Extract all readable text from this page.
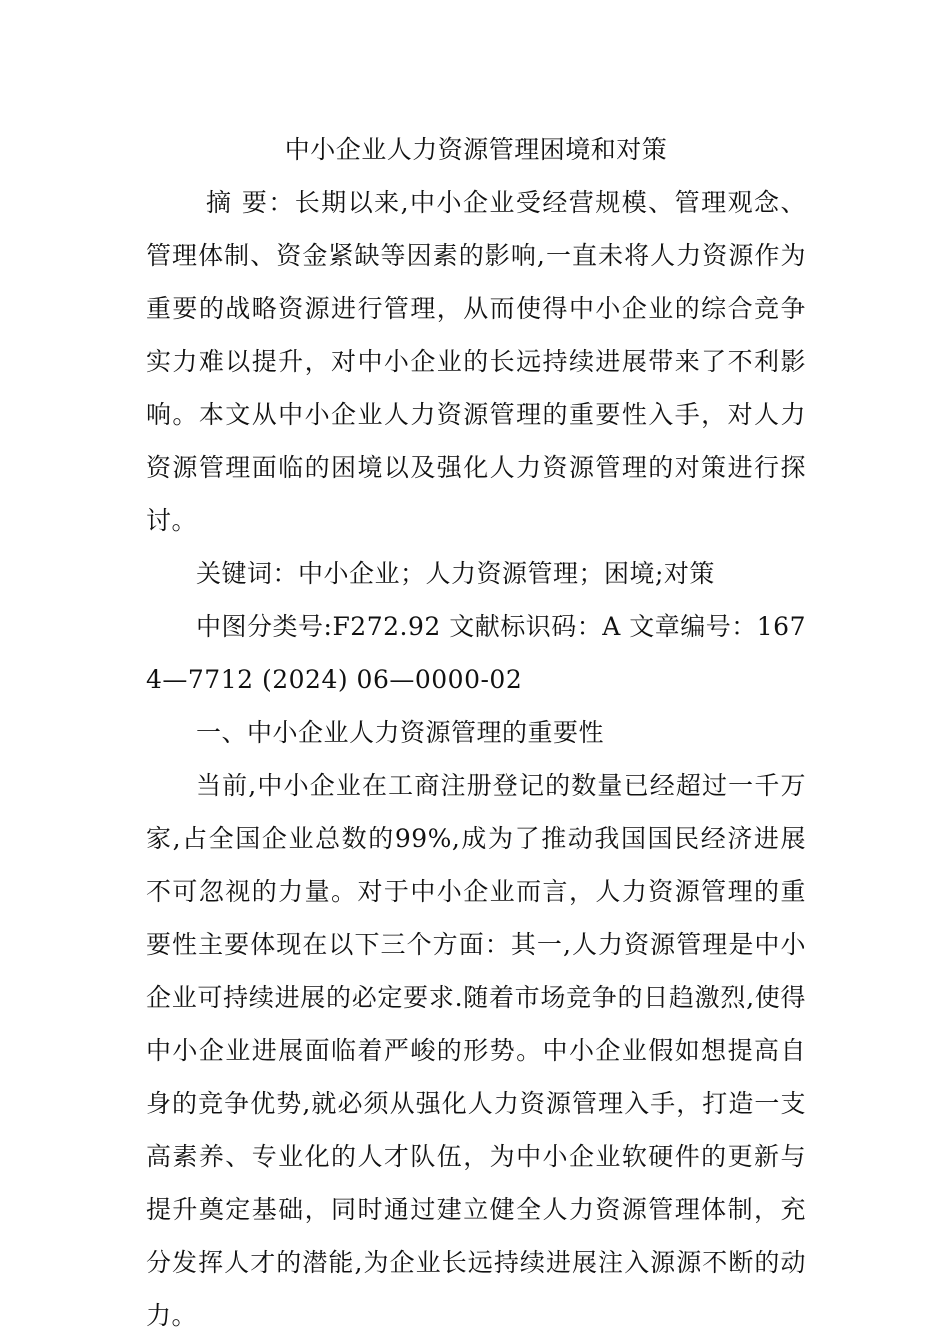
中小企业人力资源管理困境和对策

摘 要：长期以来,中小企业受经营规模、管理观念、管理体制、资金紧缺等因素的影响,一直未将人力资源作为重要的战略资源进行管理，从而使得中小企业的综合竞争实力难以提升，对中小企业的长远持续进展带来了不利影响。本文从中小企业人力资源管理的重要性入手，对人力资源管理面临的困境以及强化人力资源管理的对策进行探讨。

关键词：中小企业；人力资源管理；困境;对策

中图分类号:F272.92 文献标识码：A 文章编号：1674—7712 (2024) 06—0000-02

一、中小企业人力资源管理的重要性

当前,中小企业在工商注册登记的数量已经超过一千万家,占全国企业总数的99%,成为了推动我国国民经济进展不可忽视的力量。对于中小企业而言，人力资源管理的重要性主要体现在以下三个方面：其一,人力资源管理是中小企业可持续进展的必定要求.随着市场竞争的日趋激烈,使得中小企业进展面临着严峻的形势。中小企业假如想提高自身的竞争优势,就必须从强化人力资源管理入手，打造一支高素养、专业化的人才队伍，为中小企业软硬件的更新与提升奠定基础，同时通过建立健全人力资源管理体制，充分发挥人才的潜能,为企业长远持续进展注入源源不断的动力。
